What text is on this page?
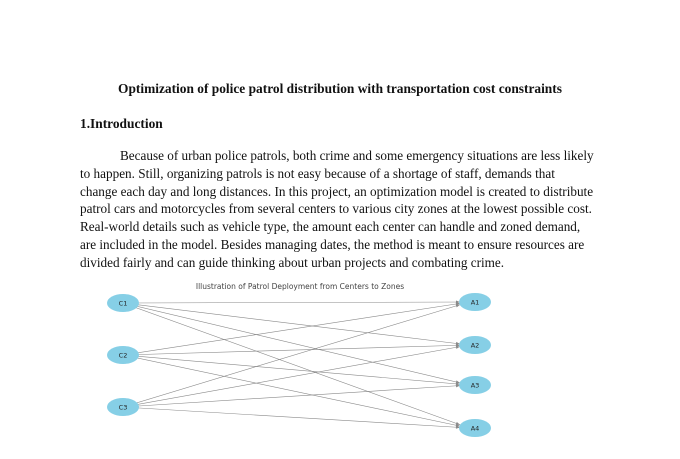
Optimization of police patrol distribution with transportation cost constraints
1.Introduction
Because of urban police patrols, both crime and some emergency situations are less likely
to happen. Still, organizing patrols is not easy because of a shortage of staff, demands that
change each day and long distances. In this project, an optimization model is created to distribute
patrol cars and motorcycles from several centers to various city zones at the lowest possible cost.
Real-world details such as vehicle type, the amount each center can handle and zoned demand,
are included in the model. Besides managing dates, the method is meant to ensure resources are
divided fairly and can guide thinking about urban projects and combating crime.
Illustration of Patrol Deployment from Centers to Zones
C1
C2
C3
A1
A2
A3
A4
